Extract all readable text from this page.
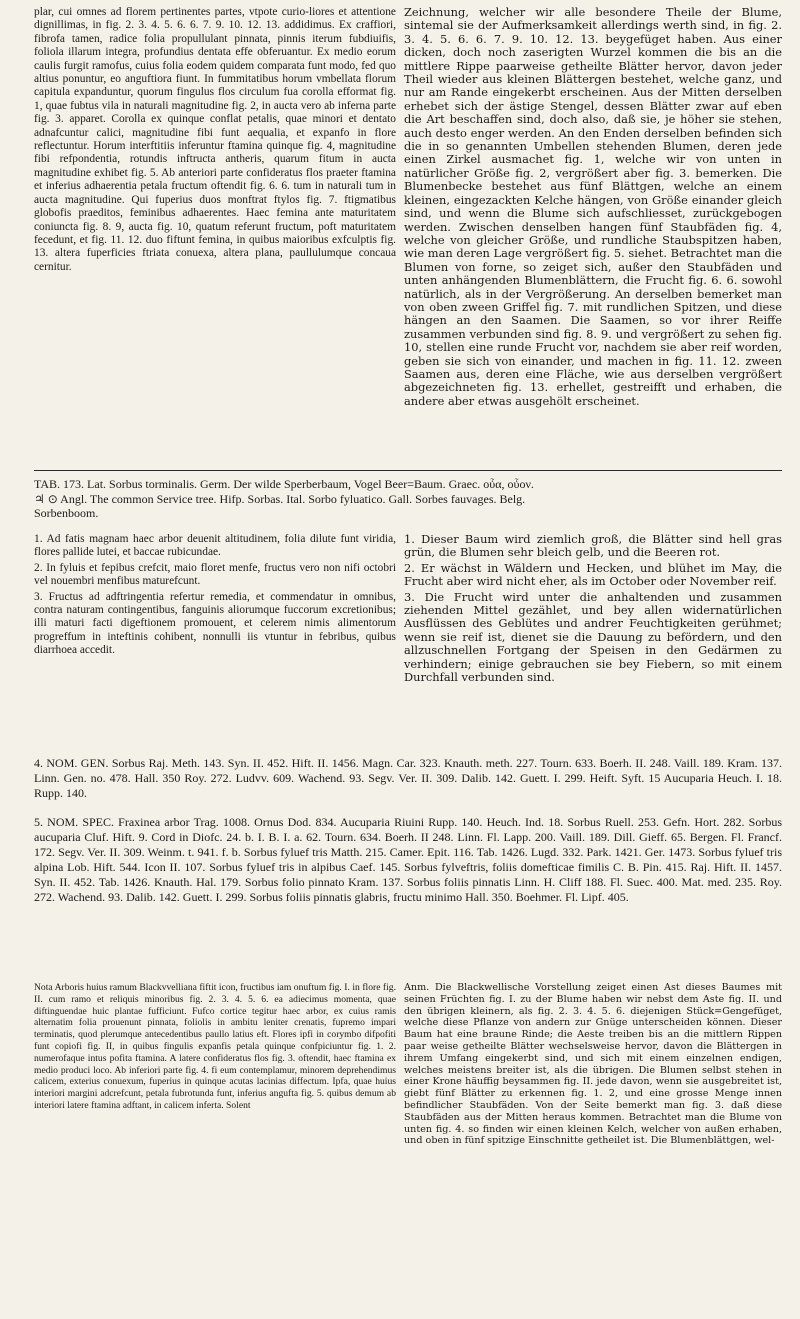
plar, cui omnes ad florem pertinentes partes, vtpote curio-liores et attentione dignillimas, in fig. 2. 3. 4. 5. 6. 6. 7. 9. 10. 12. 13. addidimus. Ex craffiori, fibrofa tamen, radice folia propullulant pinnata, pinnis iterum fubdiuifis, foliola illarum integra, profundius dentata effe obferuantur. Ex medio eorum caulis furgit ramofus, cuius folia eodem quidem comparata funt modo, fed quo altius ponuntur, eo anguftiora fiunt. In fummitatibus horum vmbellata florum capitula expanduntur, quorum fingulus flos circulum fua corolla efformat fig. 1, quae fubtus vila in naturali magnitudine fig. 2, in aucta vero ab inferna parte fig. 3. apparet. Corolla ex quinque conflat petalis, quae minori et dentato adnafcuntur calici, magnitudine fibi funt aequalia, et expanfo in flore reflectuntur. Horum interftitiis inferuntur ftamina quinque fig. 4, magnitudine fibi refpondentia, rotundis inftructa antheris, quarum fitum in aucta magnitudine exhibet fig. 5. Ab anteriori parte confideratus flos praeter ftamina et inferius adhaerentia petala fructum oftendit fig. 6. 6. tum in naturali tum in aucta magnitudine. Qui fuperius duos monftrat ftylos fig. 7. ftigmatibus globofis praeditos, feminibus adhaerentes. Haec femina ante maturitatem coniuncta fig. 8. 9, aucta fig. 10, quatum referunt fructum, poft maturitatem fecedunt, et fig. 11. 12. duo fiftunt femina, in quibus maioribus exfculptis fig. 13. altera fuperficies ftriata conuexa, altera plana, paullulumque concaua cernitur.
Zeichnung, welcher wir alle besondere Theile der Blume, sintemal sie der Aufmerksamkeit allerdings werth sind, in fig. 2. 3. 4. 5. 6. 6. 7. 9. 10. 12. 13. beygefüget haben. Aus einer dicken, doch noch zaserigten Wurzel kommen die bis an die mittlere Rippe paarweise getheilte Blätter hervor, davon jeder Theil wieder aus kleinen Blättergen bestehet, welche ganz, und nur am Rande eingekerbt erscheinen. Aus der Mitten derselben erhebet sich der ästige Stengel, dessen Blätter zwar auf eben die Art beschaffen sind, doch also, daß sie, je höher sie stehen, auch desto enger werden. An den Enden derselben befinden sich die in so genannten Umbellen stehenden Blumen, deren jede einen Zirkel ausmachet fig. 1, welche wir von unten in natürlicher Größe fig. 2, vergrößert aber fig. 3. bemerken. Die Blumenbecke bestehet aus fünf Blättgen, welche an einem kleinen, eingezackten Kelche hängen, von Größe einander gleich sind, und wenn die Blume sich aufschliesset, zurückgebogen werden. Zwischen denselben hangen fünf Staubfäden fig. 4, welche von gleicher Größe, und rundliche Staubspitzen haben, wie man deren Lage vergrößert fig. 5. siehet. Betrachtet man die Blumen von forne, so zeiget sich, außer den Staubfäden und unten anhängenden Blumenblättern, die Frucht fig. 6. 6. sowohl natürlich, als in der Vergrößerung. An derselben bemerket man von oben zween Griffel fig. 7. mit rundlichen Spitzen, und diese hängen an den Saamen. Die Saamen, so vor ihrer Reiffe zusammen verbunden sind fig. 8. 9. und vergrößert zu sehen fig. 10, stellen eine runde Frucht vor, nachdem sie aber reif worden, geben sie sich von einander, und machen in fig. 11. 12. zween Saamen aus, deren eine Fläche, wie aus derselben vergrößert abgezeichneten fig. 13. erhellet, gestreifft und erhaben, die andere aber etwas ausgehölt erscheinet.
TAB. 173. Lat. Sorbus torminalis. Germ. Der wilde Sperberbaum, Vogel Beer=Baum. Graec. οὖα, οὖον.
♃ ⊙ Angl. The common Service tree. Hifp. Sorbas. Ital. Sorbo fyluatico. Gall. Sorbes fauvages. Belg.
Sorbenboom.

1. Ad fatis magnam haec arbor deuenit altitudinem, folia dilute funt viridia, flores pallide lutei, et baccae rubicundae.

2. In fyluis et fepibus crefcit, maio floret menfe, fructus vero non nifi octobri vel nouembri menfibus maturefcunt.

3. Fructus ad adftringentia refertur remedia, et commendatur in omnibus, contra naturam contingentibus, fanguinis aliorumque fuccorum excretionibus; illi maturi facti digeftionem promouent, et celerem nimis alimentorum progreffum in inteftinis cohibent, nonnulli iis vtuntur in febribus, quibus diarrhoea accedit.

1. Dieser Baum wird ziemlich groß, die Blätter sind hell gras grün, die Blumen sehr bleich gelb, und die Beeren rot.

2. Er wächst in Wäldern und Hecken, und blühet im May, die Frucht aber wird nicht eher, als im October oder November reif.

3. Die Frucht wird unter die anhaltenden und zusammen ziehenden Mittel gezählet, und bey allen widernatürlichen Ausflüssen des Geblütes und andrer Feuchtigkeiten gerühmet; wenn sie reif ist, dienet sie die Dauung zu befördern, und den allzuschnellen Fortgang der Speisen in den Gedärmen zu verhindern; einige gebrauchen sie bey Fiebern, so mit einem Durchfall verbunden sind.

4. NOM. GEN. Sorbus Raj. Meth. 143. Syn. II. 452. Hift. II. 1456. Magn. Car. 323. Knauth. meth. 227. Tourn. 633. Boerh. II. 248. Vaill. 189. Kram. 137. Linn. Gen. no. 478. Hall. 350 Roy. 272. Ludvv. 609. Wachend. 93. Segv. Ver. II. 309. Dalib. 142. Guett. I. 299. Heift. Syft. 15 Aucuparia Heuch. I. 18. Rupp. 140.
5. NOM. SPEC. Fraxinea arbor Trag. 1008. Ornus Dod. 834. Aucuparia Riuini Rupp. 140. Heuch. Ind. 18. Sorbus Ruell. 253. Gefn. Hort. 282. Sorbus aucuparia Cluf. Hift. 9. Cord in Diofc. 24. b. I. B. I. a. 62. Tourn. 634. Boerh. II 248. Linn. Fl. Lapp. 200. Vaill. 189. Dill. Gieff. 65. Bergen. Fl. Francf. 172. Segv. Ver. II. 309. Weinm. t. 941. f. b. Sorbus fyluef tris Matth. 215. Camer. Epit. 116. Tab. 1426. Lugd. 332. Park. 1421. Ger. 1473. Sorbus fyluef tris alpina Lob. Hift. 544. Icon II. 107. Sorbus fyluef tris in alpibus Caef. 145. Sorbus fylveftris, foliis domefticae fimilis C. B. Pin. 415. Raj. Hift. II. 1457. Syn. II. 452. Tab. 1426. Knauth. Hal. 179. Sorbus folio pinnato Kram. 137. Sorbus foliis pinnatis Linn. H. Cliff 188. Fl. Suec. 400. Mat. med. 235. Roy. 272. Wachend. 93. Dalib. 142. Guett. I. 299. Sorbus foliis pinnatis glabris, fructu minimo Hall. 350. Boehmer. Fl. Lipf. 405.
Nota Arboris huius ramum Blackvvelliana fiftit icon, fructibus iam onuftum fig. I. in flore fig. II. cum ramo et reliquis minoribus fig. 2. 3. 4. 5. 6. ea adiecimus momenta, quae diftinguendae huic plantae fufficiunt. Fufco cortice tegitur haec arbor, ex cuius ramis alternatim folia prouenunt pinnata, foliolis in ambitu leniter crenatis, fupremo impari terminatis, quod plerumque antecedentibus paullo latius eft. Flores ipfi in corymbo difpofiti funt copiofi fig. II, in quibus fingulis expanfis petala quinque confpiciuntur fig. 1. 2. numerofaque intus pofita ftamina. A latere confideratus flos fig. 3. oftendit, haec ftamina ex medio produci loco. Ab inferiori parte fig. 4. fi eum contemplamur, minorem deprehendimus calicem, exterius conuexum, fuperius in quinque acutas lacinias diffectum. Ipfa, quae huius interiori margini adcrefcunt, petala fubrotunda funt, inferius angufta fig. 5. quibus demum ab interiori latere ftamina adftant, in calicem inferta. Solent
Anm. Die Blackwellische Vorstellung zeiget einen Ast dieses Baumes mit seinen Früchten fig. I. zu der Blume haben wir nebst dem Aste fig. II. und den übrigen kleinern, als fig. 2. 3. 4. 5. 6. diejenigen Stück=Gengefüget, welche diese Pflanze von andern zur Gnüge unterscheiden können. Dieser Baum hat eine braune Rinde; die Aeste treiben bis an die mittlern Rippen paar weise getheilte Blätter wechselsweise hervor, davon die Blättergen in ihrem Umfang eingekerbt sind, und sich mit einem einzelnen endigen, welches meistens breiter ist, als die übrigen. Die Blumen selbst stehen in einer Krone häuffig beysammen fig. II. jede davon, wenn sie ausgebreitet ist, giebt fünf Blätter zu erkennen fig. 1. 2, und eine grosse Menge innen befindlicher Staubfäden. Von der Seite bemerkt man fig. 3. daß diese Staubfäden aus der Mitten heraus kommen. Betrachtet man die Blume von unten fig. 4. so finden wir einen kleinen Kelch, welcher von außen erhaben, und oben in fünf spitzige Einschnitte getheilet ist. Die Blumenblättgen, wel-
